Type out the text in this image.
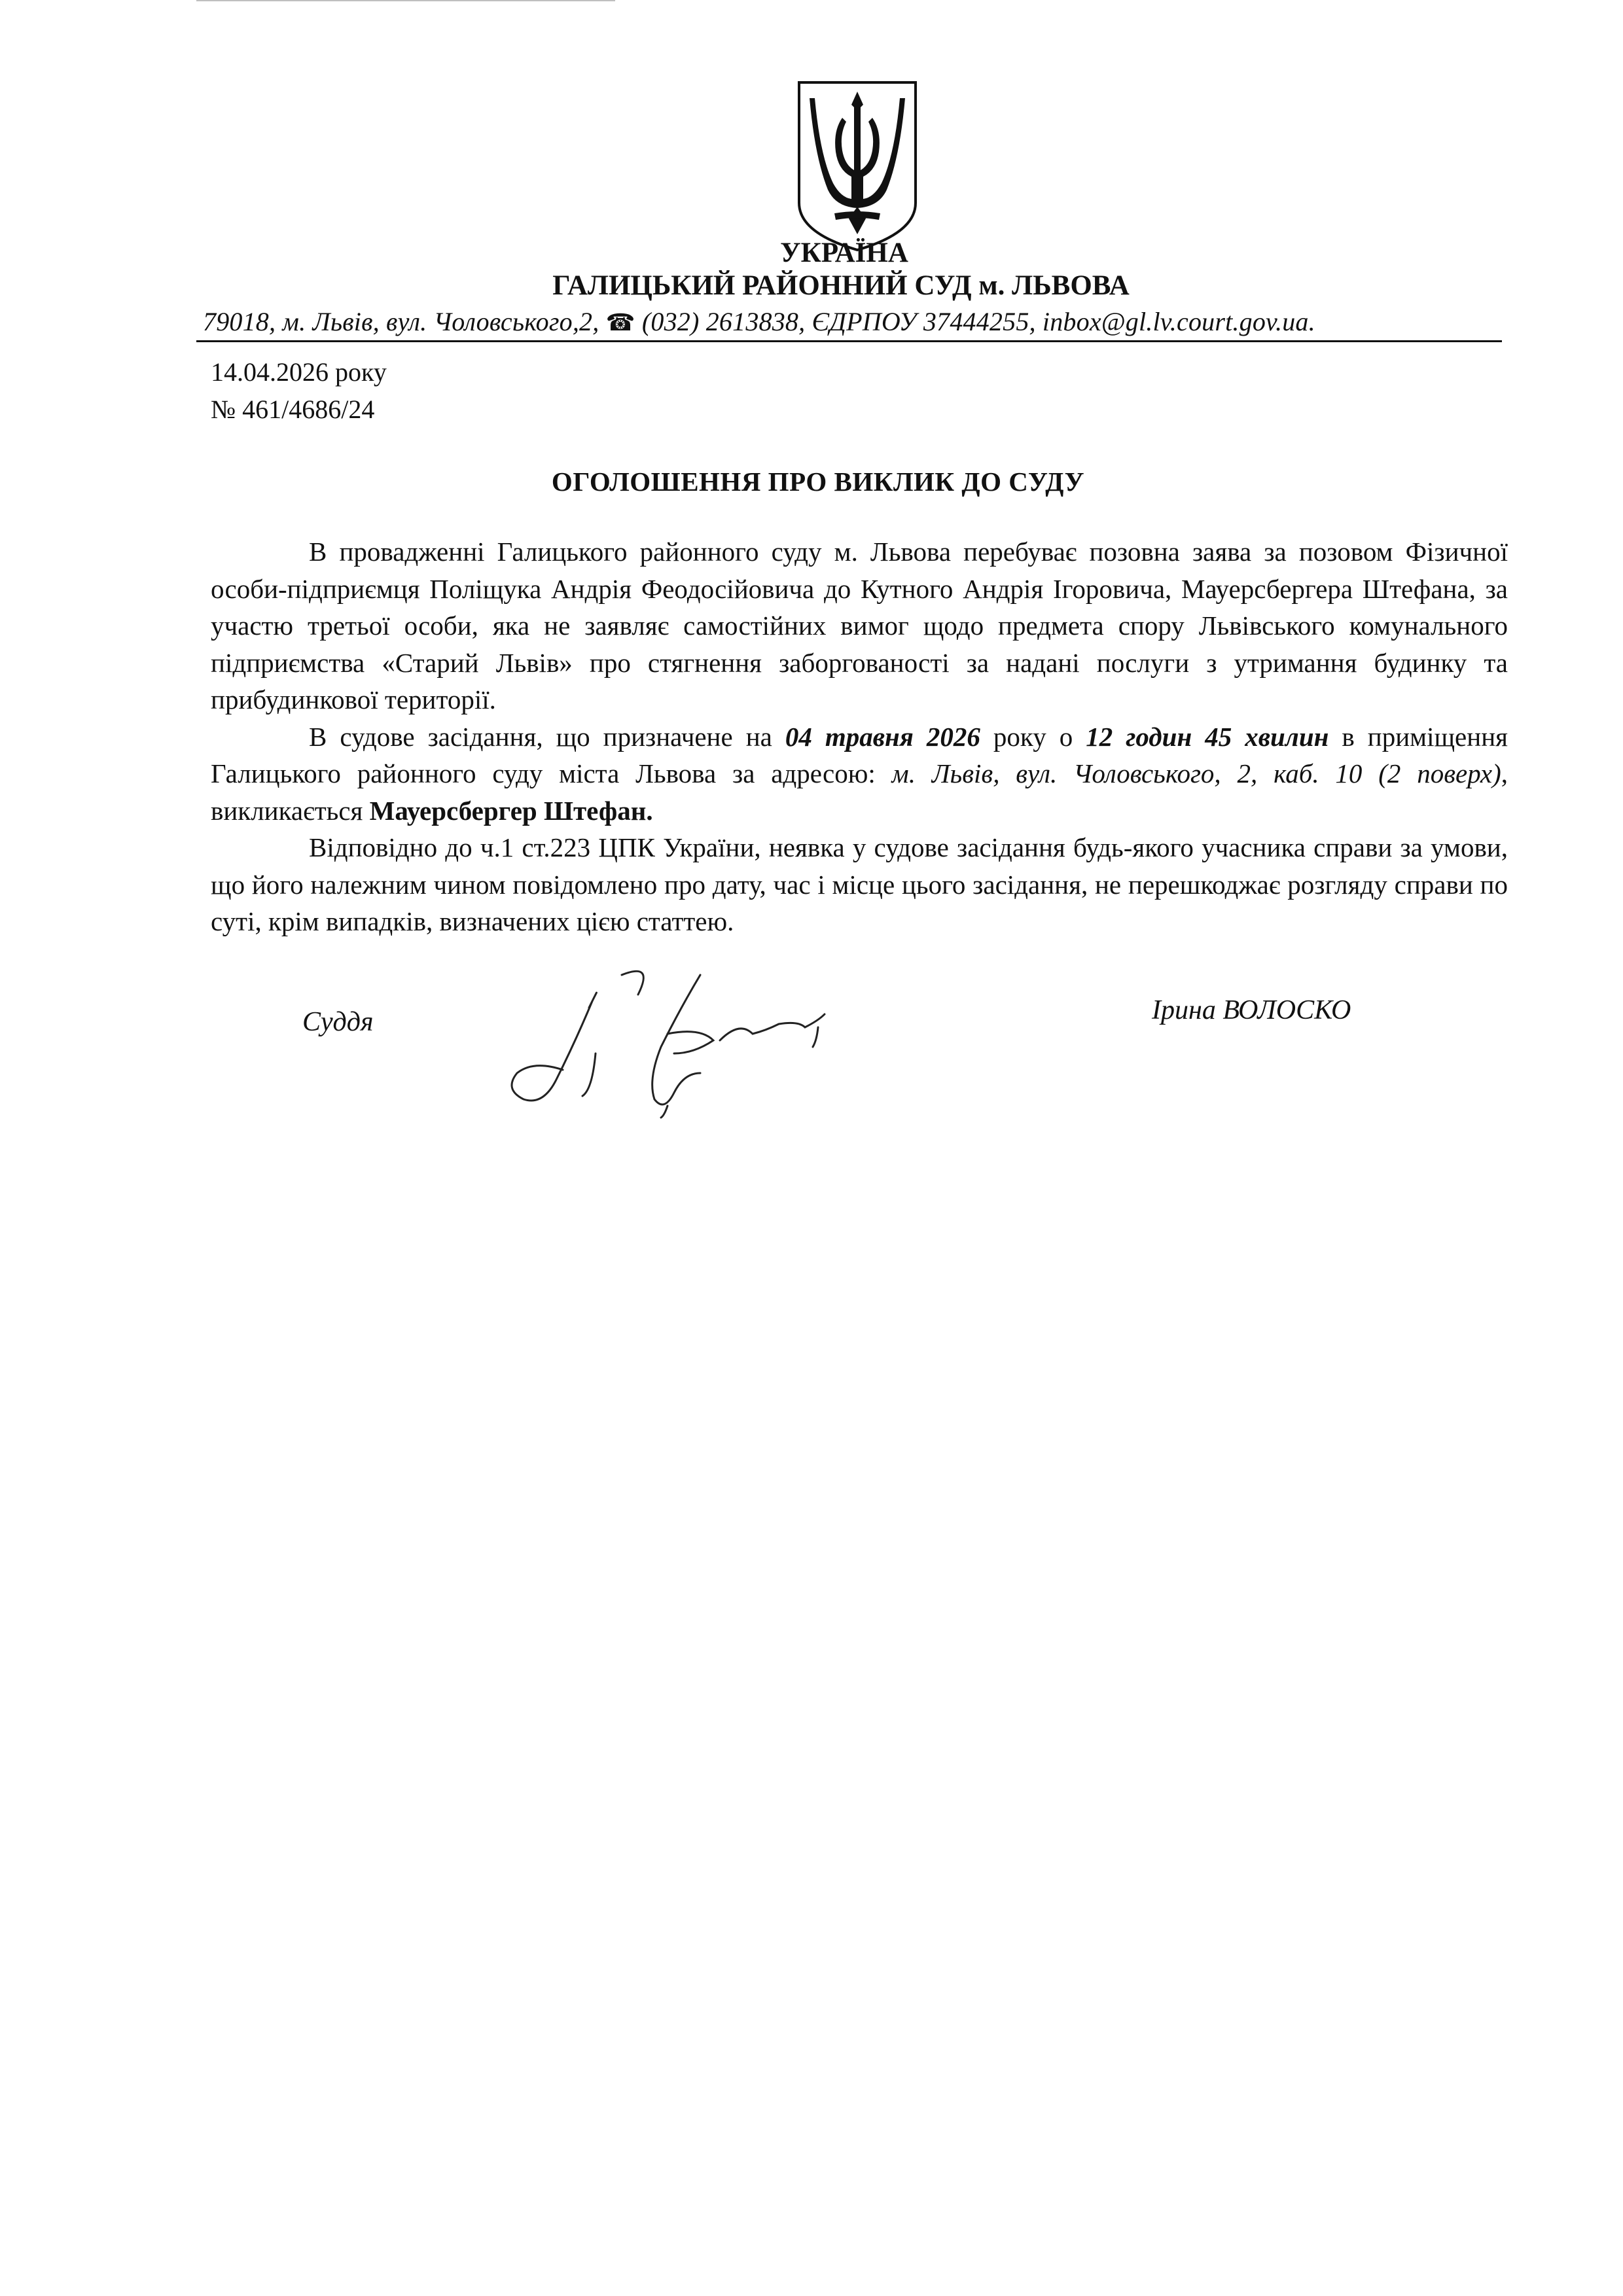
УКРАЇНА
ГАЛИЦЬКИЙ РАЙОННИЙ СУД м. ЛЬВОВА
79018, м. Львів, вул. Чоловського,2, ☎ (032) 2613838, ЄДРПОУ 37444255, inbox@gl.lv.court.gov.ua.
14.04.2026 року
№ 461/4686/24
ОГОЛОШЕННЯ ПРО ВИКЛИК ДО СУДУ

В провадженні Галицького районного суду м. Львова перебуває позовна заява за позовом Фізичної особи-підприємця Поліщука Андрія Феодосійовича до Кутного Андрія Ігоровича, Мауерсбергера Штефана, за участю третьої особи, яка не заявляє самостійних вимог щодо предмета спору Львівського комунального підприємства «Старий Львів» про стягнення заборгованості за надані послуги з утримання будинку та прибудинкової території.

В судове засідання, що призначене на 04 травня 2026 року о 12 годин 45 хвилин в приміщення Галицького районного суду міста Львова за адресою: м. Львів, вул. Чоловського, 2, каб. 10 (2 поверх), викликається Мауерсбергер Штефан.

Відповідно до ч.1 ст.223 ЦПК України, неявка у судове засідання будь-якого учасника справи за умови, що його належним чином повідомлено про дату, час і місце цього засідання, не перешкоджає розгляду справи по суті, крім випадків, визначених цією статтею.

Суддя	Ірина ВОЛОСКО
